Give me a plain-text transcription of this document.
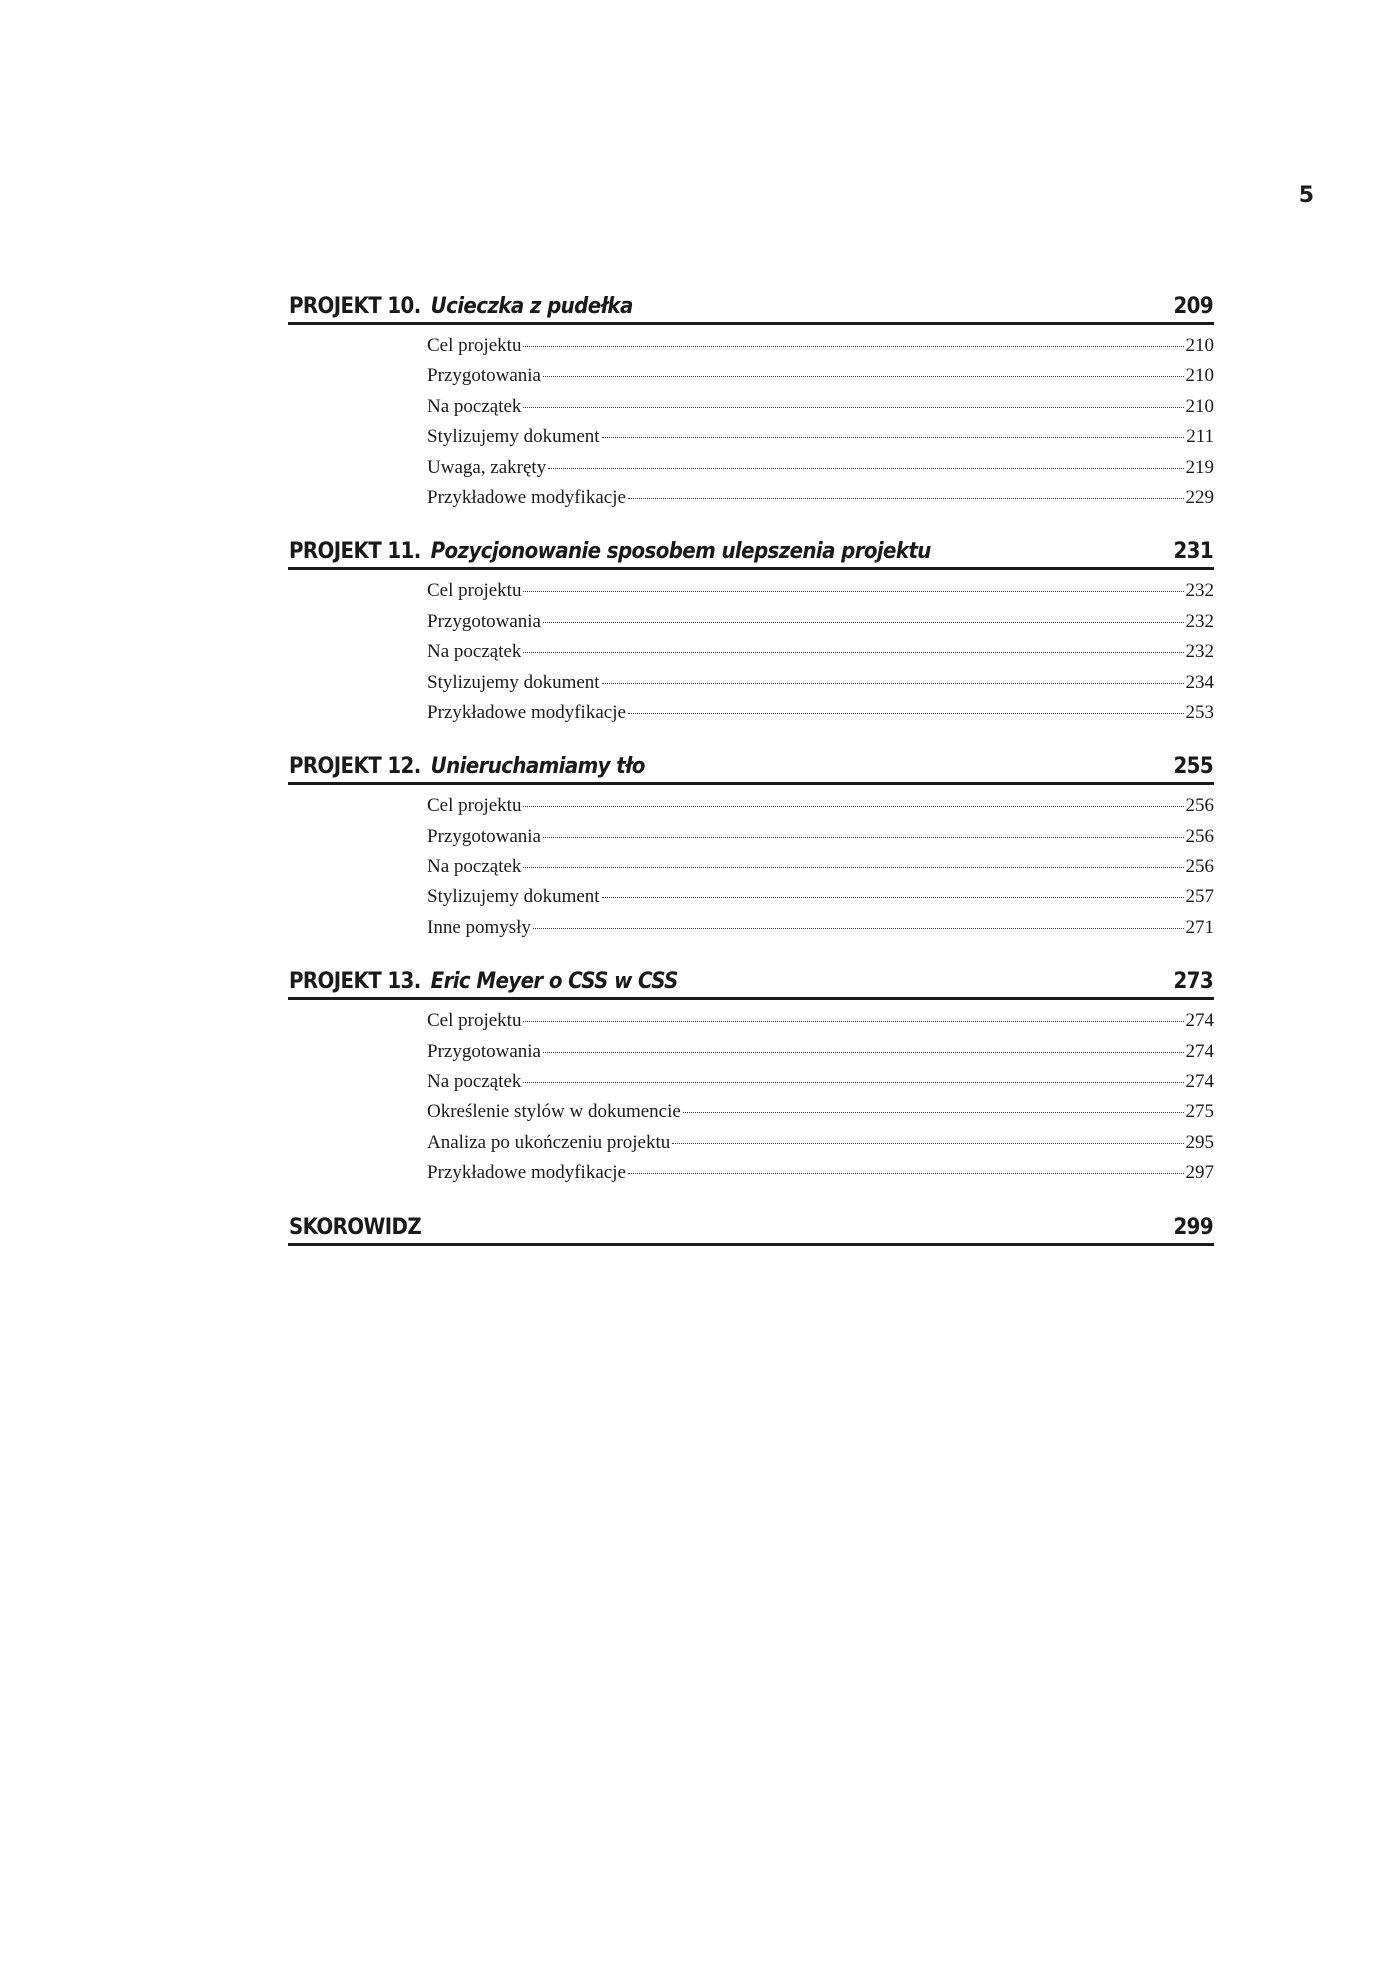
5
PROJEKT 10. Ucieczka z pudełka	209
Cel projektu	210
Przygotowania	210
Na początek	210
Stylizujemy dokument	211
Uwaga, zakręty	219
Przykładowe modyfikacje	229
PROJEKT 11. Pozycjonowanie sposobem ulepszenia projektu	231
Cel projektu	232
Przygotowania	232
Na początek	232
Stylizujemy dokument	234
Przykładowe modyfikacje	253
PROJEKT 12. Unieruchamiamy tło	255
Cel projektu	256
Przygotowania	256
Na początek	256
Stylizujemy dokument	257
Inne pomysły	271
PROJEKT 13. Eric Meyer o CSS w CSS	273
Cel projektu	274
Przygotowania	274
Na początek	274
Określenie stylów w dokumencie	275
Analiza po ukończeniu projektu	295
Przykładowe modyfikacje	297
SKOROWIDZ	299
